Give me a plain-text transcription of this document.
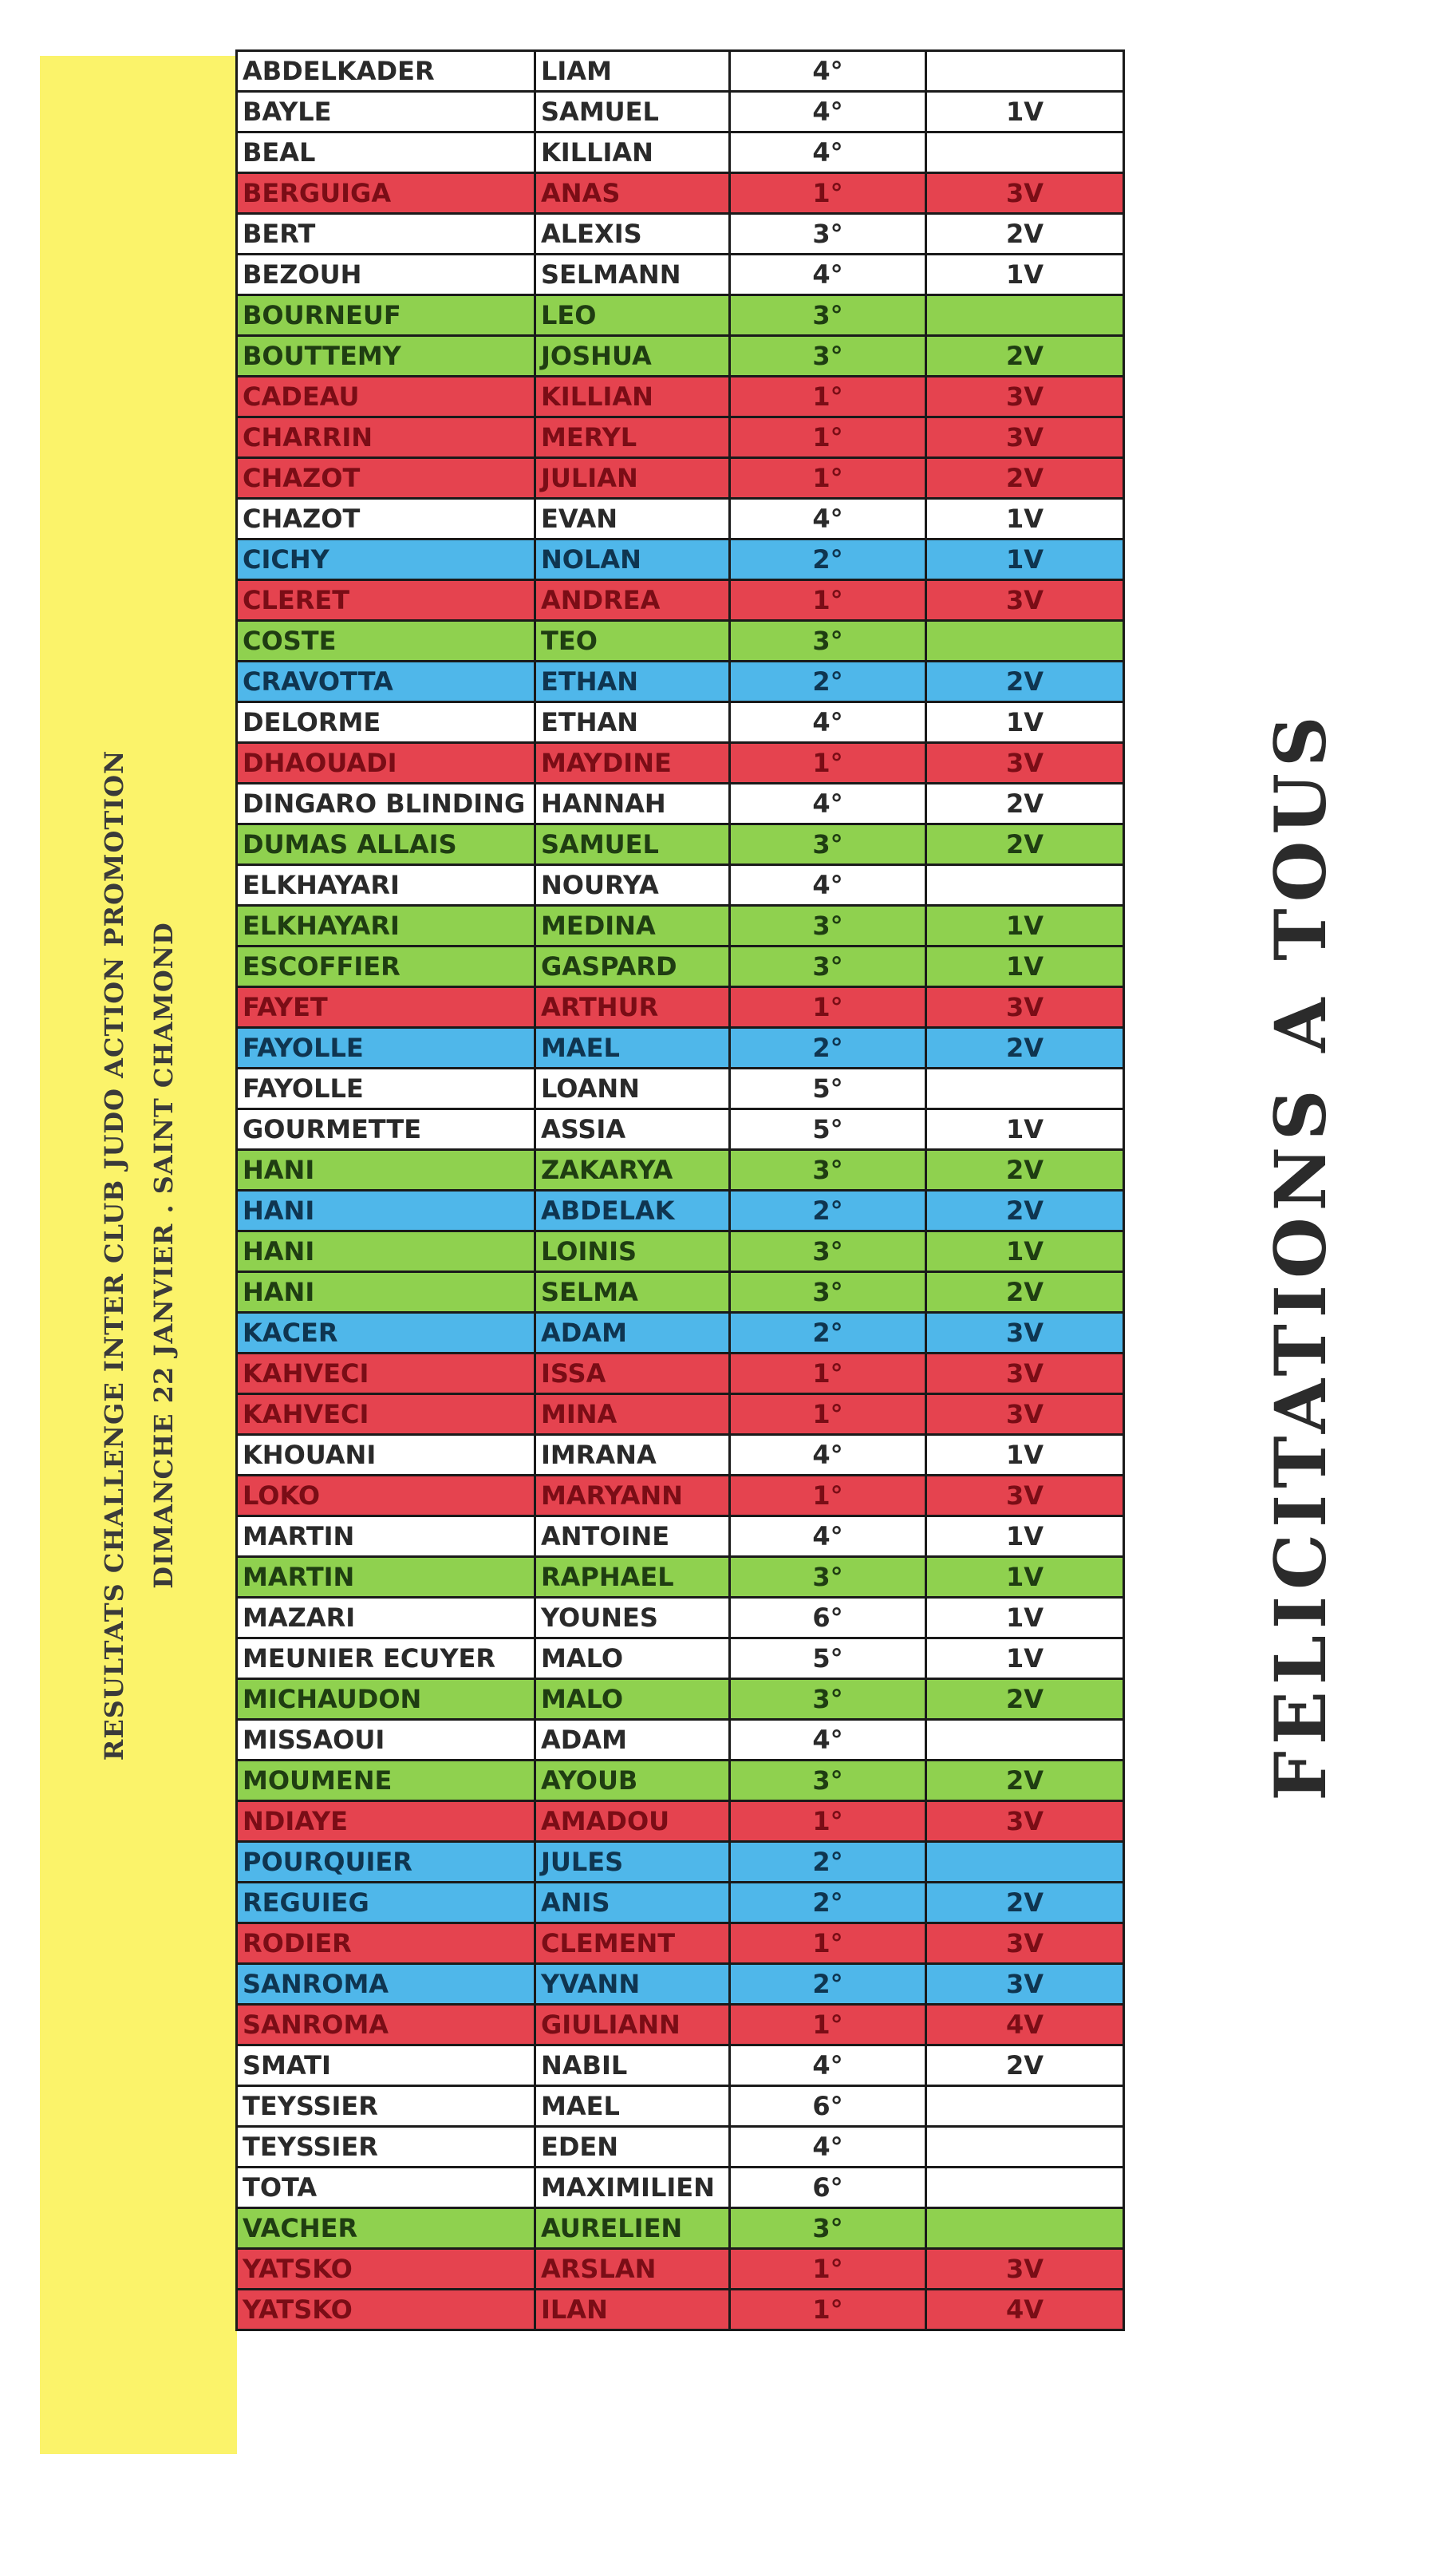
RESULTATS CHALLENGE INTER CLUB JUDO ACTION PROMOTION DIMANCHE 22 JANVIER . SAINT CHAMOND
ABDELKADER	LIAM	4°	
BAYLE	SAMUEL	4°	1V
BEAL	KILLIAN	4°	
BERGUIGA	ANAS	1°	3V
BERT	ALEXIS	3°	2V
BEZOUH	SELMANN	4°	1V
BOURNEUF	LEO	3°	
BOUTTEMY	JOSHUA	3°	2V
CADEAU	KILLIAN	1°	3V
CHARRIN	MERYL	1°	3V
CHAZOT	JULIAN	1°	2V
CHAZOT	EVAN	4°	1V
CICHY	NOLAN	2°	1V
CLERET	ANDREA	1°	3V
COSTE	TEO	3°	
CRAVOTTA	ETHAN	2°	2V
DELORME	ETHAN	4°	1V
DHAOUADI	MAYDINE	1°	3V
DINGARO BLINDING	HANNAH	4°	2V
DUMAS ALLAIS	SAMUEL	3°	2V
ELKHAYARI	NOURYA	4°	
ELKHAYARI	MEDINA	3°	1V
ESCOFFIER	GASPARD	3°	1V
FAYET	ARTHUR	1°	3V
FAYOLLE	MAEL	2°	2V
FAYOLLE	LOANN	5°	
GOURMETTE	ASSIA	5°	1V
HANI	ZAKARYA	3°	2V
HANI	ABDELAK	2°	2V
HANI	LOINIS	3°	1V
HANI	SELMA	3°	2V
KACER	ADAM	2°	3V
KAHVECI	ISSA	1°	3V
KAHVECI	MINA	1°	3V
KHOUANI	IMRANA	4°	1V
LOKO	MARYANN	1°	3V
MARTIN	ANTOINE	4°	1V
MARTIN	RAPHAEL	3°	1V
MAZARI	YOUNES	6°	1V
MEUNIER ECUYER	MALO	5°	1V
MICHAUDON	MALO	3°	2V
MISSAOUI	ADAM	4°	
MOUMENE	AYOUB	3°	2V
NDIAYE	AMADOU	1°	3V
POURQUIER	JULES	2°	
REGUIEG	ANIS	2°	2V
RODIER	CLEMENT	1°	3V
SANROMA	YVANN	2°	3V
SANROMA	GIULIANN	1°	4V
SMATI	NABIL	4°	2V
TEYSSIER	MAEL	6°	
TEYSSIER	EDEN	4°	
TOTA	MAXIMILIEN	6°	
VACHER	AURELIEN	3°	
YATSKO	ARSLAN	1°	3V
YATSKO	ILAN	1°	4V
FELICITATIONS A TOUS
